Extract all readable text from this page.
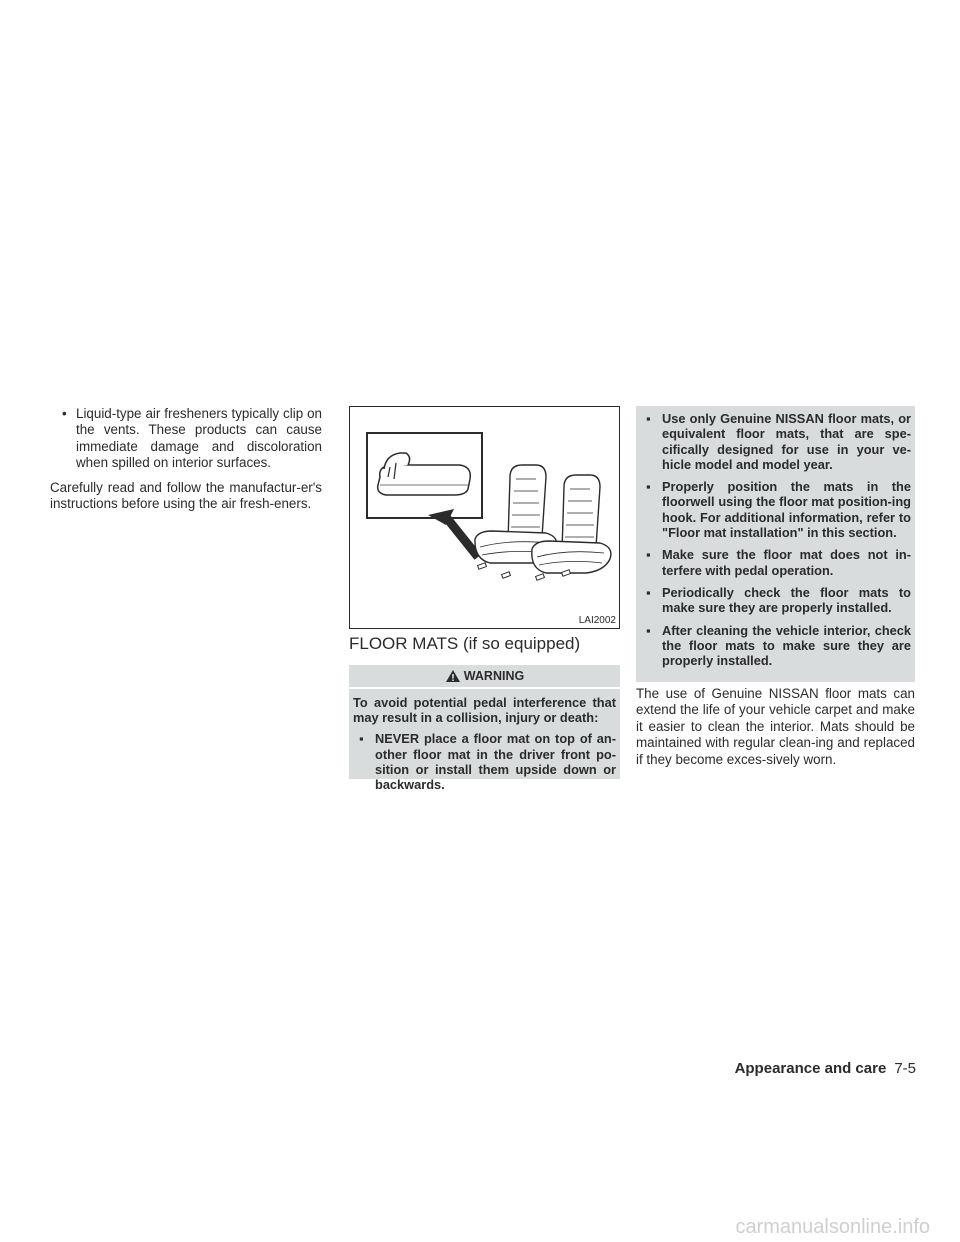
• Liquid-type air fresheners typically clip on the vents. These products can cause immediate damage and discoloration when spilled on interior surfaces.

Carefully read and follow the manufactur-er's instructions before using the air fresh-eners.

LAI2002
FLOOR MATS (if so equipped)
WARNING

To avoid potential pedal interference that may result in a collision, injury or death:

▪ NEVER place a floor mat on top of an-other floor mat in the driver front po-sition or install them upside down or backwards.
▪ Use only Genuine NISSAN floor mats, or equivalent floor mats, that are spe-cifically designed for use in your ve-hicle model and model year.
▪ Properly position the mats in the floorwell using the floor mat position-ing hook. For additional information, refer to "Floor mat installation" in this section.
▪ Make sure the floor mat does not in-terfere with pedal operation.
▪ Periodically check the floor mats to make sure they are properly installed.
▪ After cleaning the vehicle interior, check the floor mats to make sure they are properly installed.

The use of Genuine NISSAN floor mats can extend the life of your vehicle carpet and make it easier to clean the interior. Mats should be maintained with regular clean-ing and replaced if they become exces-sively worn.

Appearance and care 7-5
carmanualsonline.info
